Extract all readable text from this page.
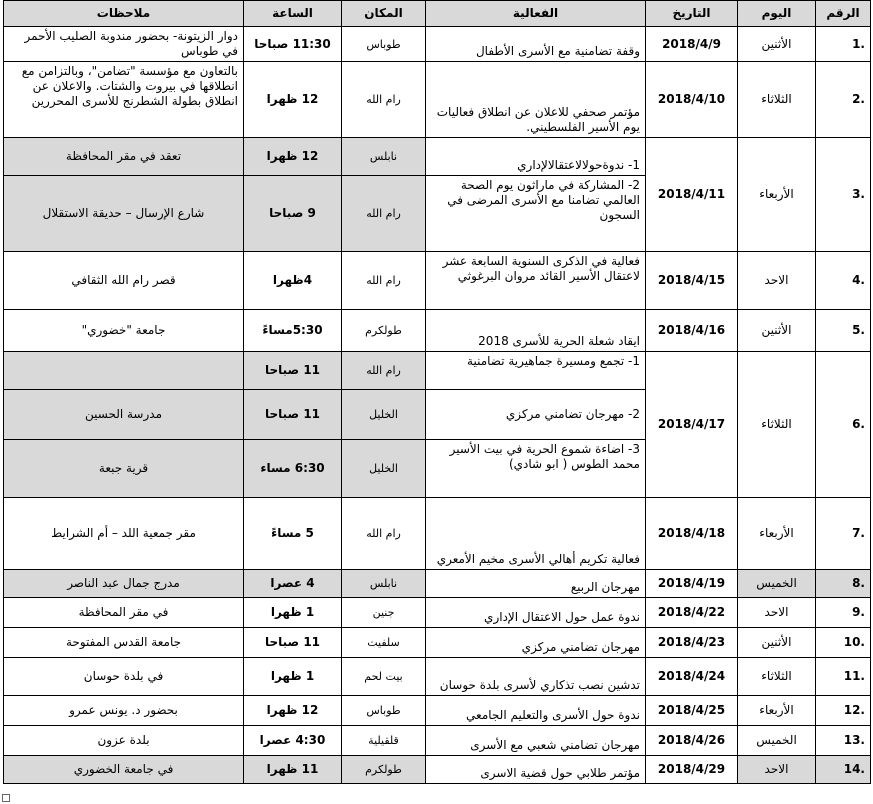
الرقم	اليوم	التاريخ	الفعالية	المكان	الساعة	ملاحظات
1.	الأثنين	2018/4/9	وقفة تضامنية مع الأسرى الأطفال	طوباس	11:30 صباحا	دوار الزيتونة- بحضور مندوبة الصليب الأحمر في طوباس
2.	الثلاثاء	2018/4/10	مؤتمر صحفي للاعلان عن انطلاق فعاليات يوم الأسير الفلسطيني.	رام الله	12 ظهرا	بالتعاون مع مؤسسة "تضامن"، وبالتزامن مع انطلاقها في بيروت والشتات. والاعلان عن انطلاق بطولة الشطرنج للأسرى المحررين
3.	الأربعاء	2018/4/11	1- ندوةحولالاعتقالالإداري	نابلس	12 ظهرا	تعقد في مقر المحافظة
			2- المشاركة في ماراثون يوم الصحة العالمي تضامنا مع الأسرى المرضى في السجون	رام الله	9 صباحا	شارع الإرسال – حديقة الاستقلال
4.	الاحد	2018/4/15	فعالية في الذكرى السنوية السابعة عشر لاعتقال الأسير القائد مروان البرغوثي	رام الله	4ظهرا	قصر رام الله الثقافي
5.	الأثنين	2018/4/16	ايقاد شعلة الحرية للأسرى 2018	طولكرم	5:30مساءً	جامعة "خضوري"
6.	الثلاثاء	2018/4/17	1- تجمع ومسيرة جماهيرية تضامنية	رام الله	11 صباحا	
			2- مهرجان تضامني مركزي	الخليل	11 صباحا	مدرسة الحسين
			3- اضاءة شموع الحرية في بيت الأسير محمد الطوس ( ابو شادي)	الخليل	6:30 مساء	قرية جبعة
7.	الأربعاء	2018/4/18	فعالية تكريم أهالي الأسرى مخيم الأمعري	رام الله	5 مساءً	مقر جمعية اللد – أم الشرايط
8.	الخميس	2018/4/19	مهرجان الربيع	نابلس	4 عصرا	مدرج جمال عبد الناصر
9.	الاحد	2018/4/22	ندوة عمل حول الاعتقال الإداري	جنين	1 ظهرا	في مقر المحافظة
10.	الأثنين	2018/4/23	مهرجان تضامني مركزي	سلفيت	11 صباحا	جامعة القدس المفتوحة
11.	الثلاثاء	2018/4/24	تدشين نصب تذكاري لأسرى بلدة حوسان	بيت لحم	1 ظهرا	في بلدة حوسان
12.	الأربعاء	2018/4/25	ندوة حول الأسرى والتعليم الجامعي	طوباس	12 ظهرا	بحضور د. يونس عمرو
13.	الخميس	2018/4/26	مهرجان تضامني شعبي مع الأسرى	قلقيلية	4:30 عصرا	بلدة عزون
14.	الاحد	2018/4/29	مؤتمر طلابي حول قضية الاسرى	طولكرم	11 ظهرا	في جامعة الخضوري
